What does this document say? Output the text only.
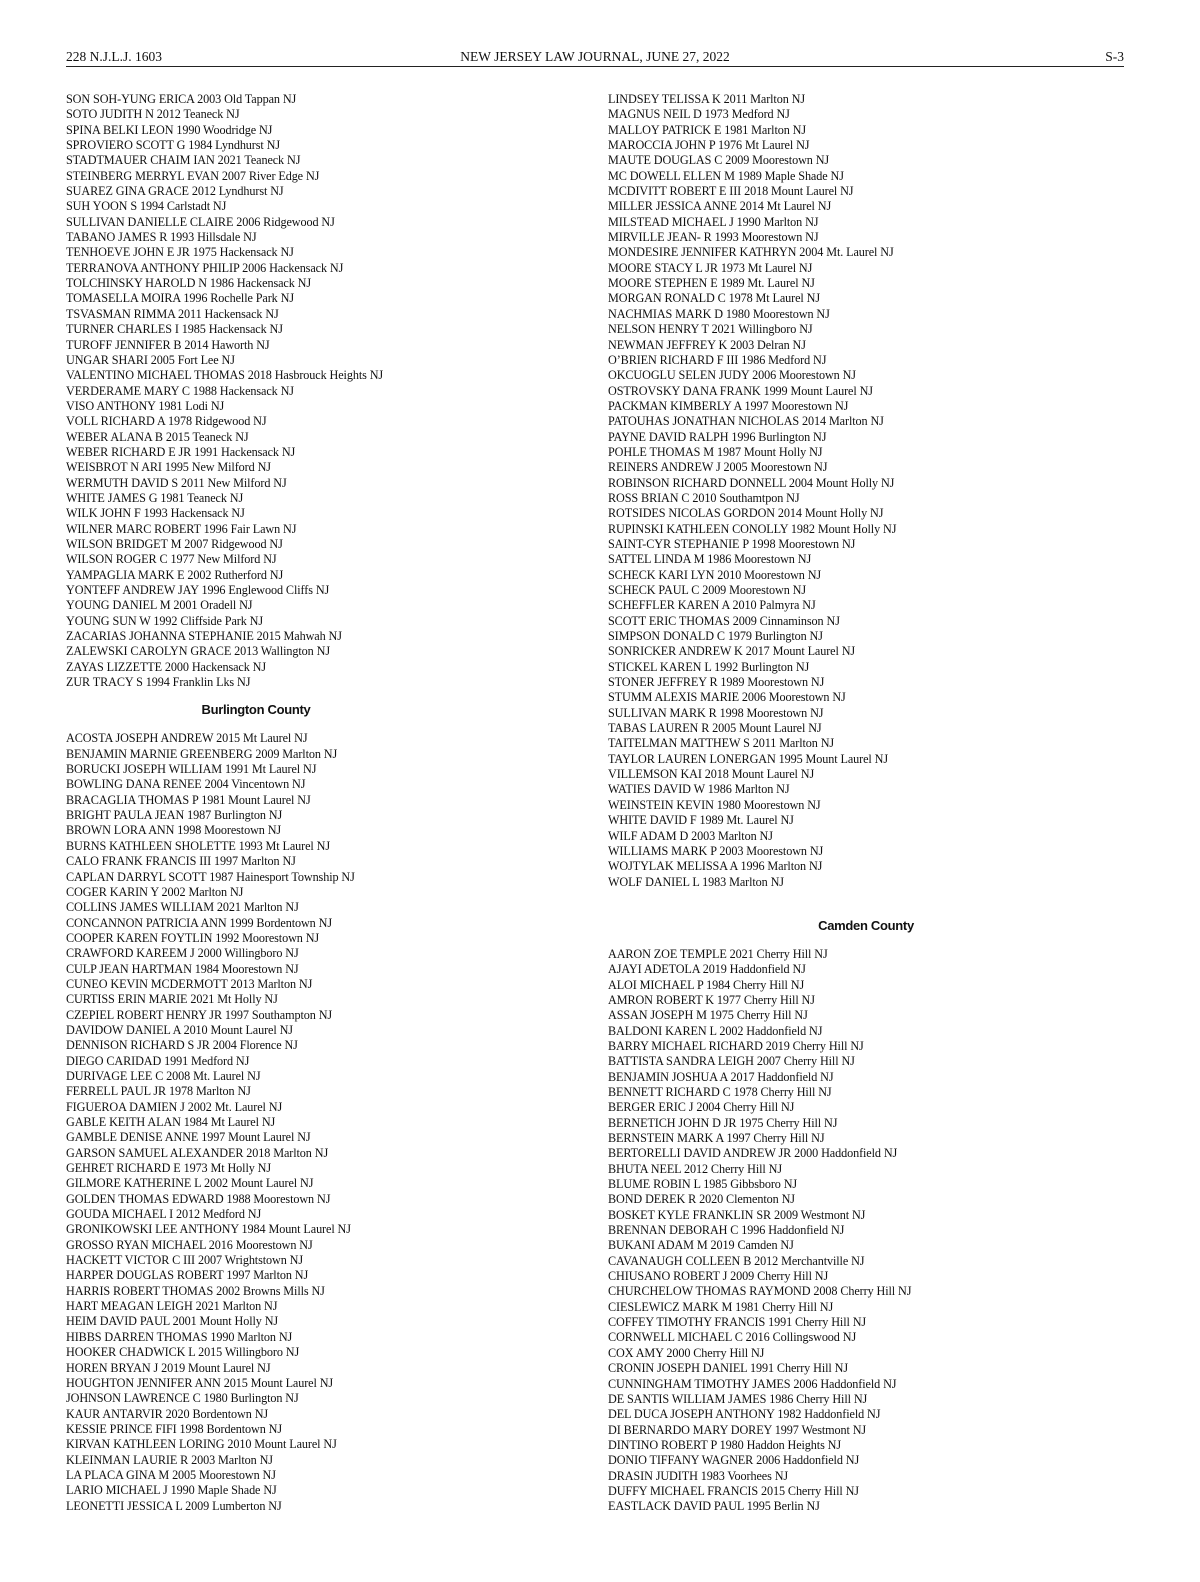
228 N.J.L.J. 1603	NEW JERSEY LAW JOURNAL, JUNE 27, 2022	S-3
SON SOH-YUNG ERICA 2003 Old Tappan NJ
SOTO JUDITH N 2012 Teaneck NJ
SPINA BELKI LEON 1990 Woodridge NJ
SPROVIERO SCOTT G 1984 Lyndhurst NJ
STADTMAUER CHAIM IAN 2021 Teaneck NJ
STEINBERG MERRYL EVAN 2007 River Edge NJ
SUAREZ GINA GRACE 2012 Lyndhurst NJ
SUH YOON S 1994 Carlstadt NJ
SULLIVAN DANIELLE CLAIRE 2006 Ridgewood NJ
TABANO JAMES R 1993 Hillsdale NJ
TENHOEVE JOHN E JR 1975 Hackensack NJ
TERRANOVA ANTHONY PHILIP 2006 Hackensack NJ
TOLCHINSKY HAROLD N 1986 Hackensack NJ
TOMASELLA MOIRA 1996 Rochelle Park NJ
TSVASMAN RIMMA 2011 Hackensack NJ
TURNER CHARLES I 1985 Hackensack NJ
TUROFF JENNIFER B 2014 Haworth NJ
UNGAR SHARI 2005 Fort Lee NJ
VALENTINO MICHAEL THOMAS 2018 Hasbrouck Heights NJ
VERDERAME MARY C 1988 Hackensack NJ
VISO ANTHONY 1981 Lodi NJ
VOLL RICHARD A 1978 Ridgewood NJ
WEBER ALANA B 2015 Teaneck NJ
WEBER RICHARD E JR 1991 Hackensack NJ
WEISBROT N ARI 1995 New Milford NJ
WERMUTH DAVID S 2011 New Milford NJ
WHITE JAMES G 1981 Teaneck NJ
WILK JOHN F 1993 Hackensack NJ
WILNER MARC ROBERT 1996 Fair Lawn NJ
WILSON BRIDGET M 2007 Ridgewood NJ
WILSON ROGER C 1977 New Milford NJ
YAMPAGLIA MARK E 2002 Rutherford NJ
YONTEFF ANDREW JAY 1996 Englewood Cliffs NJ
YOUNG DANIEL M 2001 Oradell NJ
YOUNG SUN W 1992 Cliffside Park NJ
ZACARIAS JOHANNA STEPHANIE 2015 Mahwah NJ
ZALEWSKI CAROLYN GRACE 2013 Wallington NJ
ZAYAS LIZZETTE 2000 Hackensack NJ
ZUR TRACY S 1994 Franklin Lks NJ
Burlington County
ACOSTA JOSEPH ANDREW 2015 Mt Laurel NJ
BENJAMIN MARNIE GREENBERG 2009 Marlton NJ
BORUCKI JOSEPH WILLIAM 1991 Mt Laurel NJ
BOWLING DANA RENEE 2004 Vincentown NJ
BRACAGLIA THOMAS P 1981 Mount Laurel NJ
BRIGHT PAULA JEAN 1987 Burlington NJ
BROWN LORA ANN 1998 Moorestown NJ
BURNS KATHLEEN SHOLETTE 1993 Mt Laurel NJ
CALO FRANK FRANCIS III 1997 Marlton NJ
CAPLAN DARRYL SCOTT 1987 Hainesport Township NJ
COGER KARIN Y 2002 Marlton NJ
COLLINS JAMES WILLIAM 2021 Marlton NJ
CONCANNON PATRICIA ANN 1999 Bordentown NJ
COOPER KAREN FOYTLIN 1992 Moorestown NJ
CRAWFORD KAREEM J 2000 Willingboro NJ
CULP JEAN HARTMAN 1984 Moorestown NJ
CUNEO KEVIN MCDERMOTT 2013 Marlton NJ
CURTISS ERIN MARIE 2021 Mt Holly NJ
CZEPIEL ROBERT HENRY JR 1997 Southampton NJ
DAVIDOW DANIEL A 2010 Mount Laurel NJ
DENNISON RICHARD S JR 2004 Florence NJ
DIEGO CARIDAD 1991 Medford NJ
DURIVAGE LEE C 2008 Mt. Laurel NJ
FERRELL PAUL JR 1978 Marlton NJ
FIGUEROA DAMIEN J 2002 Mt. Laurel NJ
GABLE KEITH ALAN 1984 Mt Laurel NJ
GAMBLE DENISE ANNE 1997 Mount Laurel NJ
GARSON SAMUEL ALEXANDER 2018 Marlton NJ
GEHRET RICHARD E 1973 Mt Holly NJ
GILMORE KATHERINE L 2002 Mount Laurel NJ
GOLDEN THOMAS EDWARD 1988 Moorestown NJ
GOUDA MICHAEL I 2012 Medford NJ
GRONIKOWSKI LEE ANTHONY 1984 Mount Laurel NJ
GROSSO RYAN MICHAEL 2016 Moorestown NJ
HACKETT VICTOR C III 2007 Wrightstown NJ
HARPER DOUGLAS ROBERT 1997 Marlton NJ
HARRIS ROBERT THOMAS 2002 Browns Mills NJ
HART MEAGAN LEIGH 2021 Marlton NJ
HEIM DAVID PAUL 2001 Mount Holly NJ
HIBBS DARREN THOMAS 1990 Marlton NJ
HOOKER CHADWICK L 2015 Willingboro NJ
HOREN BRYAN J 2019 Mount Laurel NJ
HOUGHTON JENNIFER ANN 2015 Mount Laurel NJ
JOHNSON LAWRENCE C 1980 Burlington NJ
KAUR ANTARVIR 2020 Bordentown NJ
KESSIE PRINCE FIFI 1998 Bordentown NJ
KIRVAN KATHLEEN LORING 2010 Mount Laurel NJ
KLEINMAN LAURIE R 2003 Marlton NJ
LA PLACA GINA M 2005 Moorestown NJ
LARIO MICHAEL J 1990 Maple Shade NJ
LEONETTI JESSICA L 2009 Lumberton NJ
LINDSEY TELISSA K 2011 Marlton NJ
MAGNUS NEIL D 1973 Medford NJ
MALLOY PATRICK E 1981 Marlton NJ
MAROCCIA JOHN P 1976 Mt Laurel NJ
MAUTE DOUGLAS C 2009 Moorestown NJ
MC DOWELL ELLEN M 1989 Maple Shade NJ
MCDIVITT ROBERT E III 2018 Mount Laurel NJ
MILLER JESSICA ANNE 2014 Mt Laurel NJ
MILSTEAD MICHAEL J 1990 Marlton NJ
MIRVILLE JEAN- R 1993 Moorestown NJ
MONDESIRE JENNIFER KATHRYN 2004 Mt. Laurel NJ
MOORE STACY L JR 1973 Mt Laurel NJ
MOORE STEPHEN E 1989 Mt. Laurel NJ
MORGAN RONALD C 1978 Mt Laurel NJ
NACHMIAS MARK D 1980 Moorestown NJ
NELSON HENRY T 2021 Willingboro NJ
NEWMAN JEFFREY K 2003 Delran NJ
O’BRIEN RICHARD F III 1986 Medford NJ
OKCUOGLU SELEN JUDY 2006 Moorestown NJ
OSTROVSKY DANA FRANK 1999 Mount Laurel NJ
PACKMAN KIMBERLY A 1997 Moorestown NJ
PATOUHAS JONATHAN NICHOLAS 2014 Marlton NJ
PAYNE DAVID RALPH 1996 Burlington NJ
POHLE THOMAS M 1987 Mount Holly NJ
REINERS ANDREW J 2005 Moorestown NJ
ROBINSON RICHARD DONNELL 2004 Mount Holly NJ
ROSS BRIAN C 2010 Southamtpon NJ
ROTSIDES NICOLAS GORDON 2014 Mount Holly NJ
RUPINSKI KATHLEEN CONOLLY 1982 Mount Holly NJ
SAINT-CYR STEPHANIE P 1998 Moorestown NJ
SATTEL LINDA M 1986 Moorestown NJ
SCHECK KARI LYN 2010 Moorestown NJ
SCHECK PAUL C 2009 Moorestown NJ
SCHEFFLER KAREN A 2010 Palmyra NJ
SCOTT ERIC THOMAS 2009 Cinnaminson NJ
SIMPSON DONALD C 1979 Burlington NJ
SONRICKER ANDREW K 2017 Mount Laurel NJ
STICKEL KAREN L 1992 Burlington NJ
STONER JEFFREY R 1989 Moorestown NJ
STUMM ALEXIS MARIE 2006 Moorestown NJ
SULLIVAN MARK R 1998 Moorestown NJ
TABAS LAUREN R 2005 Mount Laurel NJ
TAITELMAN MATTHEW S 2011 Marlton NJ
TAYLOR LAUREN LONERGAN 1995 Mount Laurel NJ
VILLEMSON KAI 2018 Mount Laurel NJ
WATIES DAVID W 1986 Marlton NJ
WEINSTEIN KEVIN 1980 Moorestown NJ
WHITE DAVID F 1989 Mt. Laurel NJ
WILF ADAM D 2003 Marlton NJ
WILLIAMS MARK P 2003 Moorestown NJ
WOJTYLAK MELISSA A 1996 Marlton NJ
WOLF DANIEL L 1983 Marlton NJ
Camden County
AARON ZOE TEMPLE 2021 Cherry Hill NJ
AJAYI ADETOLA 2019 Haddonfield NJ
ALOI MICHAEL P 1984 Cherry Hill NJ
AMRON ROBERT K 1977 Cherry Hill NJ
ASSAN JOSEPH M 1975 Cherry Hill NJ
BALDONI KAREN L 2002 Haddonfield NJ
BARRY MICHAEL RICHARD 2019 Cherry Hill NJ
BATTISTA SANDRA LEIGH 2007 Cherry Hill NJ
BENJAMIN JOSHUA A 2017 Haddonfield NJ
BENNETT RICHARD C 1978 Cherry Hill NJ
BERGER ERIC J 2004 Cherry Hill NJ
BERNETICH JOHN D JR 1975 Cherry Hill NJ
BERNSTEIN MARK A 1997 Cherry Hill NJ
BERTORELLI DAVID ANDREW JR 2000 Haddonfield NJ
BHUTA NEEL 2012 Cherry Hill NJ
BLUME ROBIN L 1985 Gibbsboro NJ
BOND DEREK R 2020 Clementon NJ
BOSKET KYLE FRANKLIN SR 2009 Westmont NJ
BRENNAN DEBORAH C 1996 Haddonfield NJ
BUKANI ADAM M 2019 Camden NJ
CAVANAUGH COLLEEN B 2012 Merchantville NJ
CHIUSANO ROBERT J 2009 Cherry Hill NJ
CHURCHELOW THOMAS RAYMOND 2008 Cherry Hill NJ
CIESLEWICZ MARK M 1981 Cherry Hill NJ
COFFEY TIMOTHY FRANCIS 1991 Cherry Hill NJ
CORNWELL MICHAEL C 2016 Collingswood NJ
COX AMY 2000 Cherry Hill NJ
CRONIN JOSEPH DANIEL 1991 Cherry Hill NJ
CUNNINGHAM TIMOTHY JAMES 2006 Haddonfield NJ
DE SANTIS WILLIAM JAMES 1986 Cherry Hill NJ
DEL DUCA JOSEPH ANTHONY 1982 Haddonfield NJ
DI BERNARDO MARY DOREY 1997 Westmont NJ
DINTINO ROBERT P 1980 Haddon Heights NJ
DONIO TIFFANY WAGNER 2006 Haddonfield NJ
DRASIN JUDITH 1983 Voorhees NJ
DUFFY MICHAEL FRANCIS 2015 Cherry Hill NJ
EASTLACK DAVID PAUL 1995 Berlin NJ
